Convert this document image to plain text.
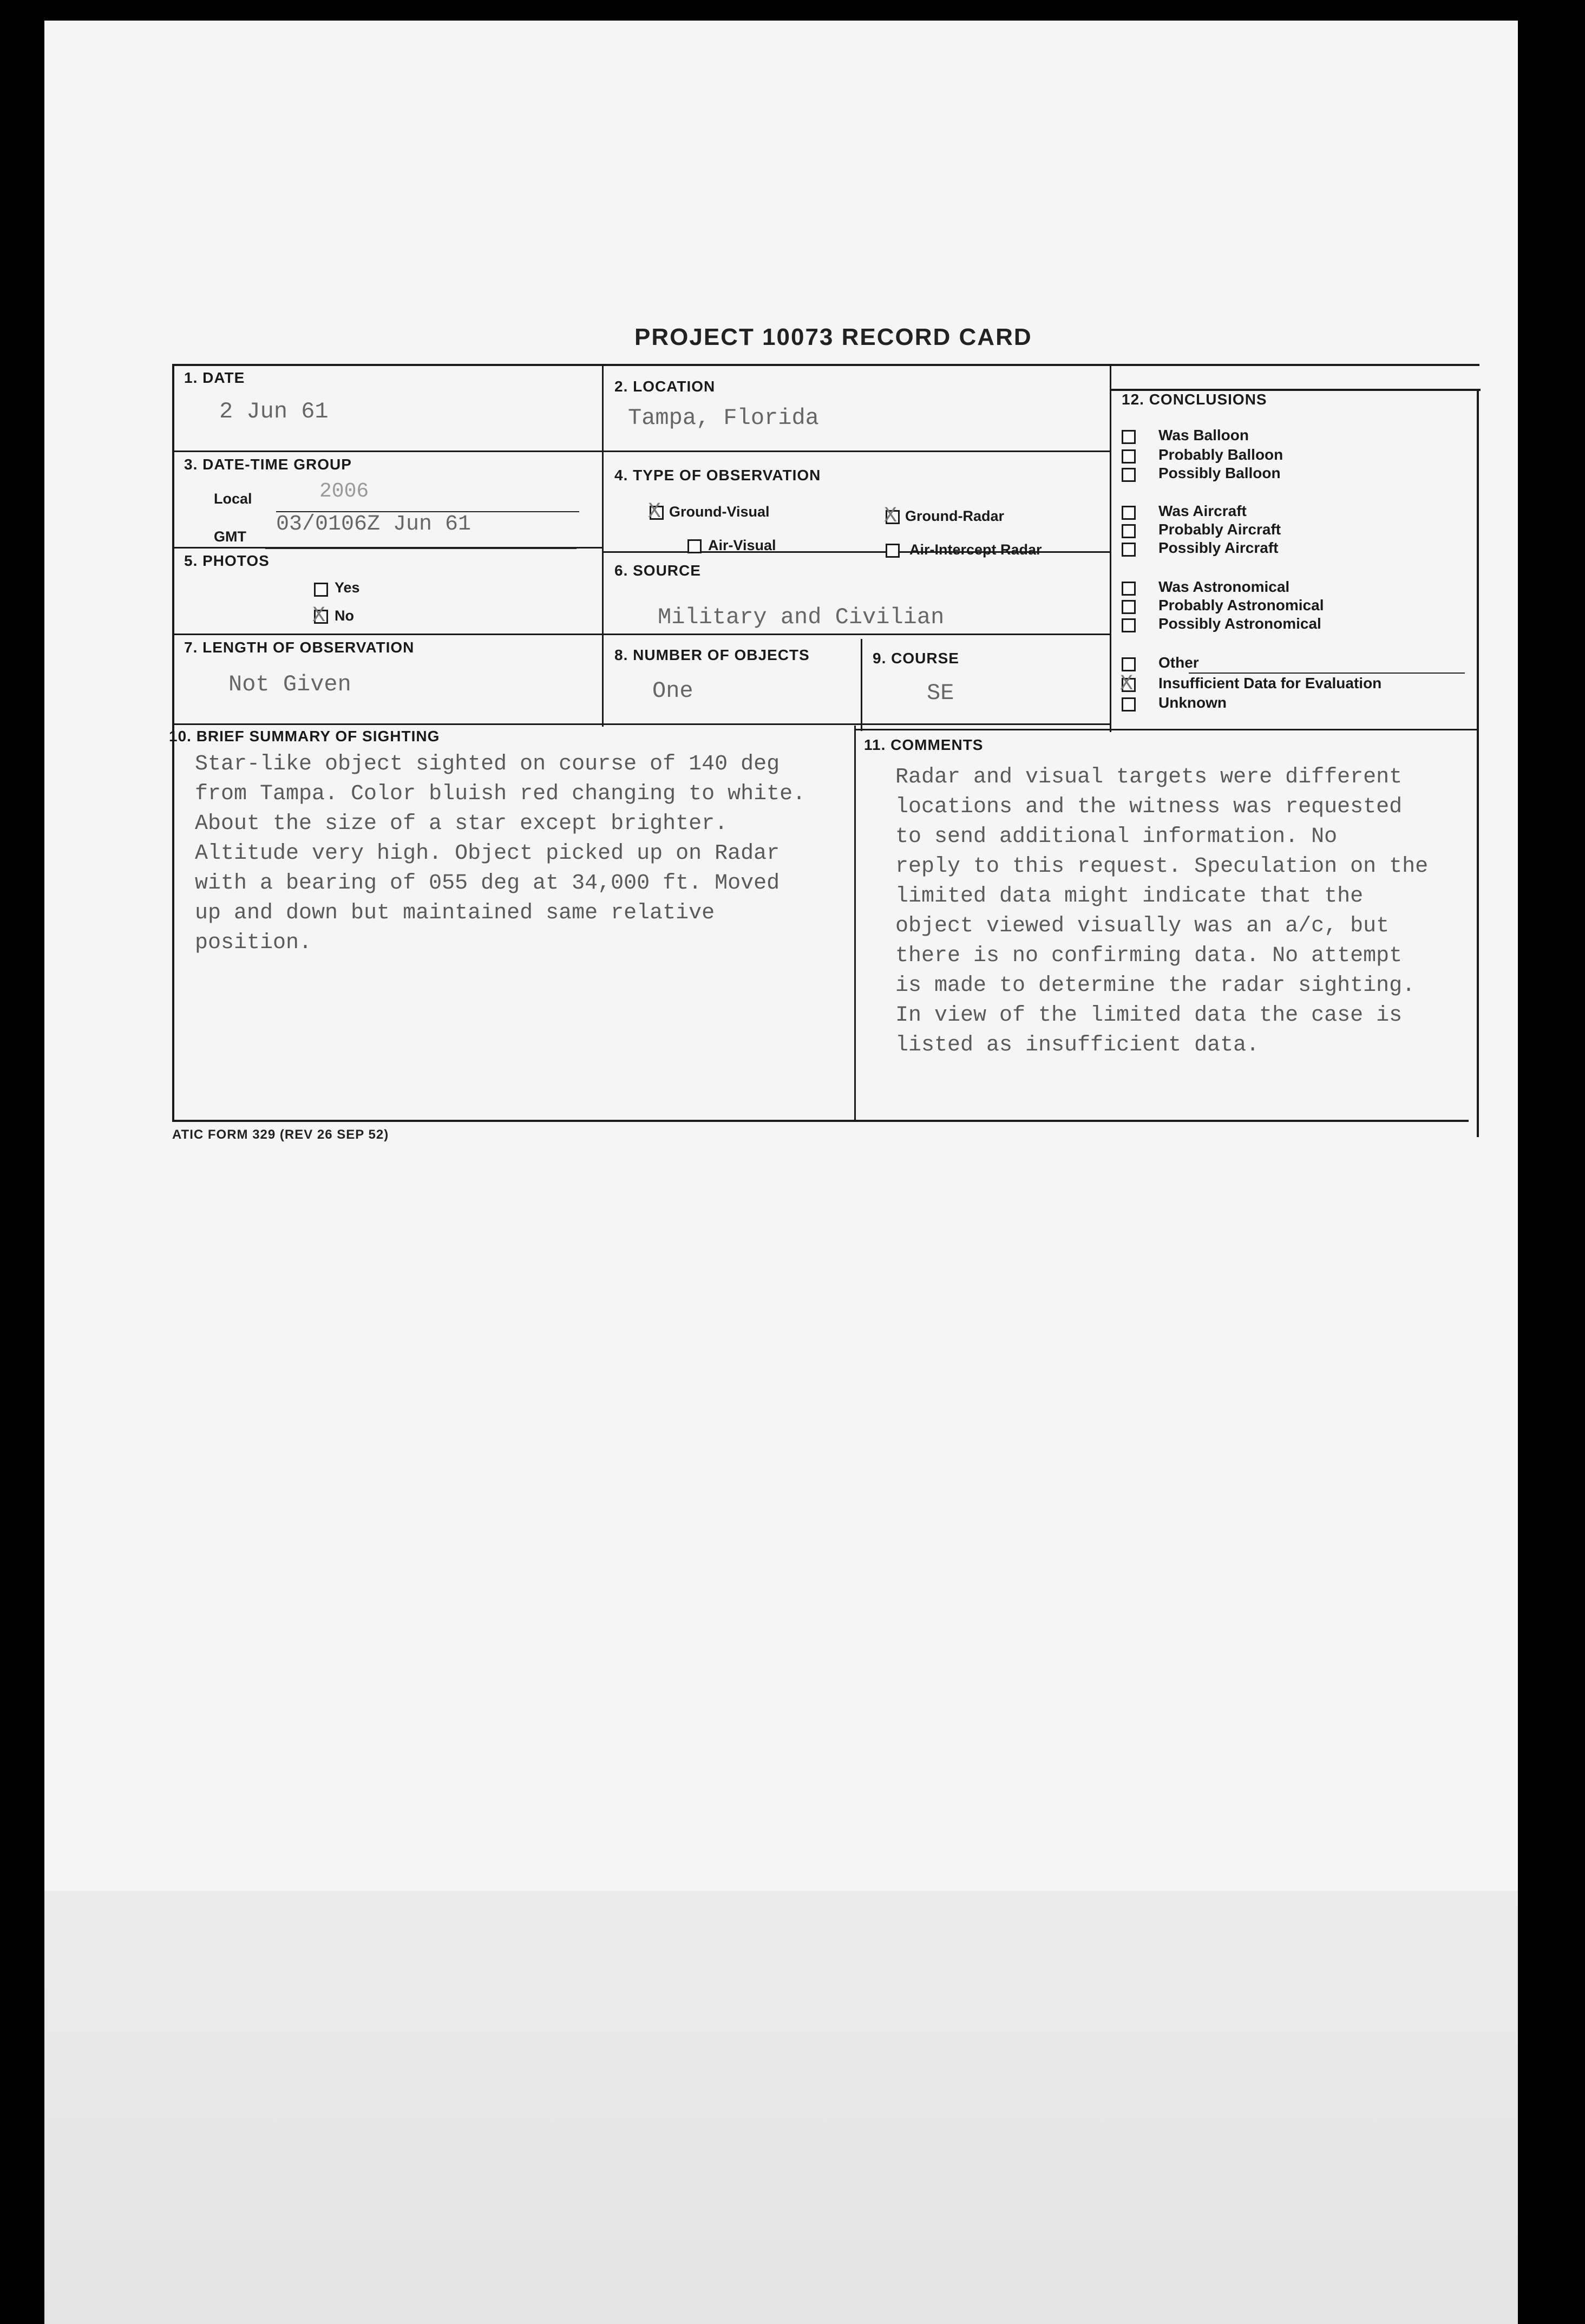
PROJECT 10073 RECORD CARD
1. DATE
2 Jun 61
2. LOCATION
Tampa, Florida
3. DATE-TIME GROUP
Local	2006
GMT 03/0106Z Jun 61
4. TYPE OF OBSERVATION
X
Ground-Visual
X	Ground-Radar
Air-Visual	Air-Intercept Radar
5. PHOTOS
Yes
X
No
6. SOURCE
Military and Civilian
7. LENGTH OF OBSERVATION
Not Given
8. NUMBER OF OBJECTS
One
9. COURSE
SE
10. BRIEF SUMMARY OF SIGHTING
Star-like object sighted on course of 140 deg
from Tampa. Color bluish red changing to white.
About the size of a star except brighter.
Altitude very high. Object picked up on Radar
with a bearing of 055 deg at 34,000 ft. Moved
up and down but maintained same relative
position.
11. COMMENTS
Radar and visual targets were different
locations and the witness was requested
to send additional information. No
reply to this request. Speculation on the
limited data might indicate that the
object viewed visually was an a/c, but
there is no confirming data. No attempt
is made to determine the radar sighting.
In view of the limited data the case is
listed as insufficient data.
12. CONCLUSIONS
Was Balloon
Probably Balloon
Possibly Balloon
Was Aircraft
Probably Aircraft
Possibly Aircraft
Was Astronomical
Probably Astronomical
Possibly Astronomical
Other
X
Insufficient Data for Evaluation
Unknown
ATIC FORM 329 (REV 26 SEP 52)
